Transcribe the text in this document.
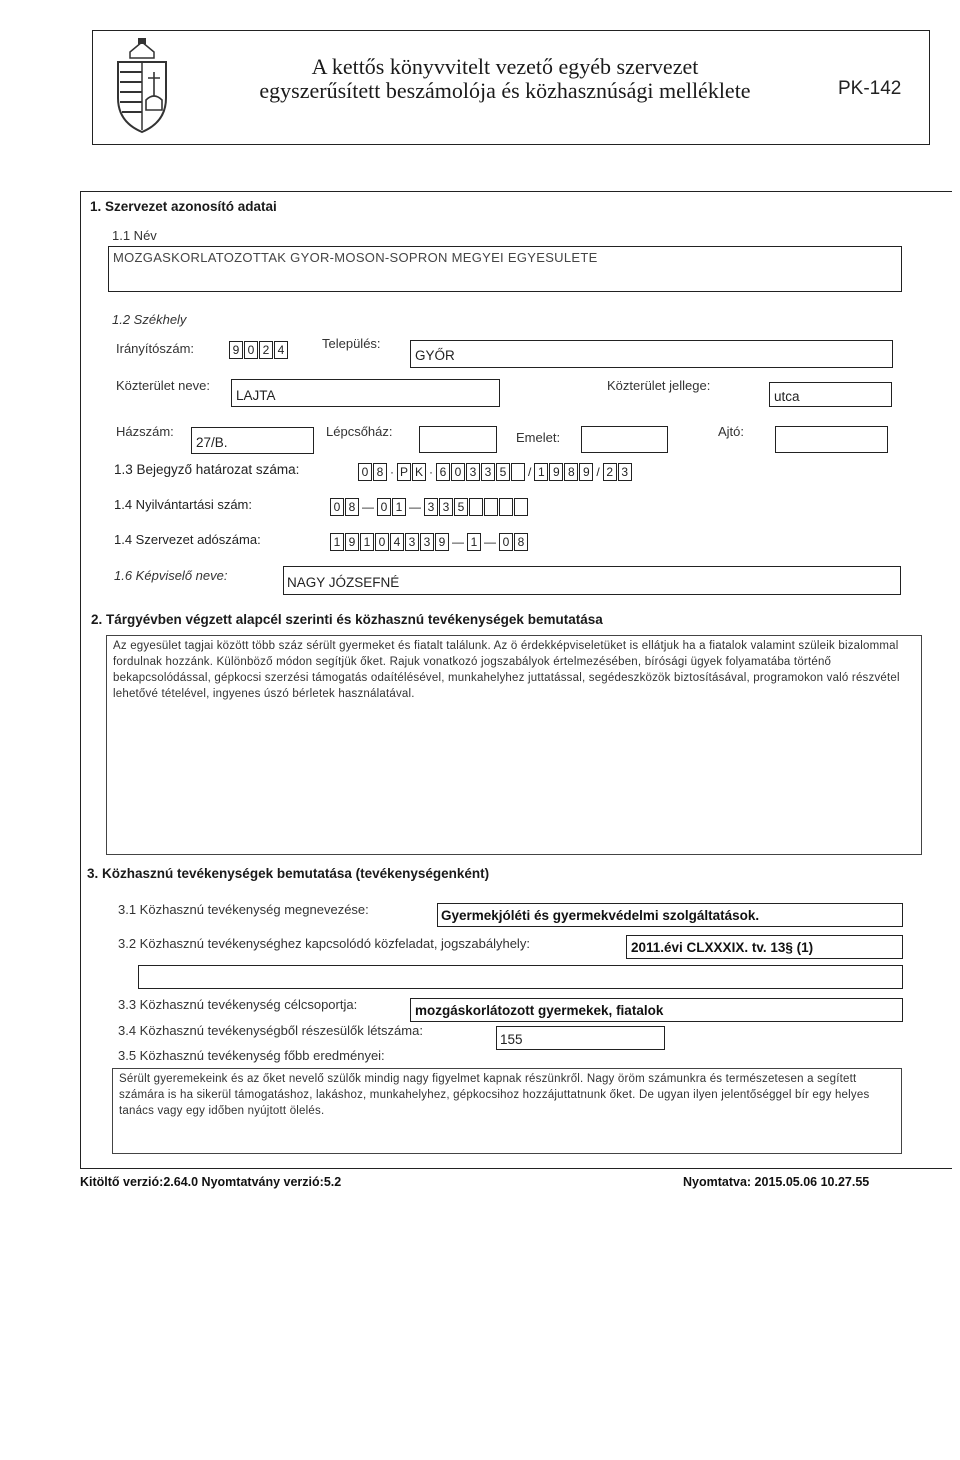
A kettős könyvvitelt vezető egyéb szervezet
egyszerűsített beszámolója és közhasznúsági melléklete	PK-142
1. Szervezet azonosító adatai
1.1 Név
MOZGASKORLATOZOTTAK GYOR-MOSON-SOPRON MEGYEI EGYESULETE
1.2 Székhely
Irányítószám:	9 0 2 4	Település:
GYŐR
Közterület neve:
LAJTA
Közterület jellege:
utca
Házszám:
27/B.
Lépcsőház:	Emelet:	Ajtó:
1.3 Bejegyző határozat száma:	0 8 · P K · 6 0 3 3 5	/ 1 9 8 9 / 2 3
1.4 Nyilvántartási szám:	0 8 — 0 1 — 3 3 5
1.4 Szervezet adószáma:	1 9 1 0 4 3 3 9 — 1 — 0 8
1.6 Képviselő neve:	NAGY JÓZSEFNÉ
2. Tárgyévben végzett alapcél szerinti és közhasznú tevékenységek bemutatása
Az egyesület tagjai között több száz sérült gyermeket és fiatalt találunk. Az ö érdekképviseletüket is ellátjuk ha a fiatalok valamint szüleik bizalommal fordulnak hozzánk. Különböző módon segítjük őket. Rajuk vonatkozó jogszabályok értelmezésében, bírósági ügyek folyamatába történő bekapcsolódással, gépkocsi szerzési támogatás odaítélésével, munkahelyhez juttatással, segédeszközök biztosításával, programokon való részvétel lehetővé tételével, ingyenes úszó bérletek használatával.
3. Közhasznú tevékenységek bemutatása (tevékenységenként)
3.1 Közhasznú tevékenység megnevezése:	Gyermekjóléti és gyermekvédelmi szolgáltatások.
3.2 Közhasznú tevékenységhez kapcsolódó közfeladat, jogszabályhely:	2011.évi CLXXXIX. tv. 13§ (1)
3.3 Közhasznú tevékenység célcsoportja:	mozgáskorlátozott gyermekek, fiatalok
3.4 Közhasznú tevékenységből részesülők létszáma:
155
3.5 Közhasznú tevékenység főbb eredményei:
Sérült gyeremekeink és az őket nevelő szülők mindig nagy figyelmet kapnak részünkről. Nagy öröm számunkra és természetesen a segített számára is ha sikerül támogatáshoz, lakáshoz, munkahelyhez, gépkocsihoz hozzájuttatnunk őket. De ugyan ilyen jelentőséggel bír egy helyes tanács vagy egy időben nyújtott ölelés.
Kitöltő verzió:2.64.0 Nyomtatvány verzió:5.2	Nyomtatva: 2015.05.06 10.27.55
